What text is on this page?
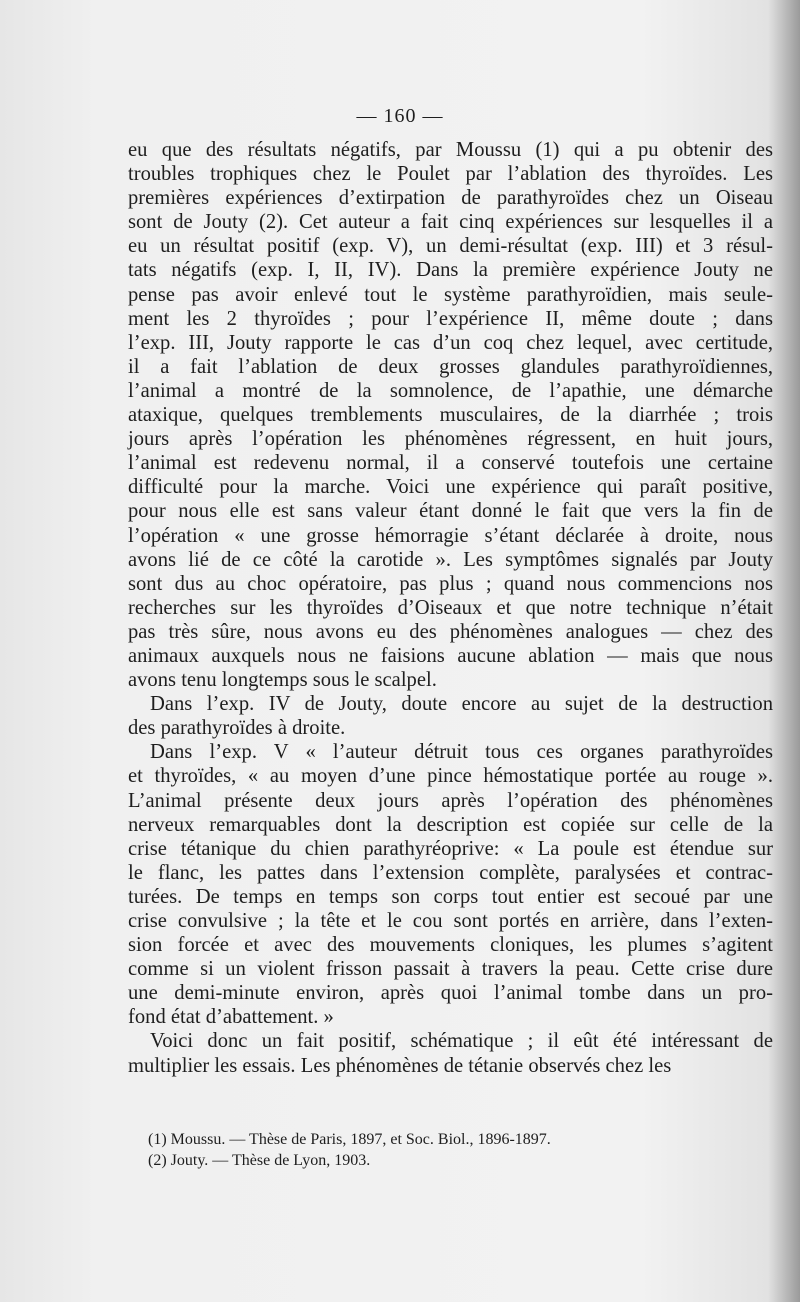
— 160 —

eu que des résultats négatifs, par Moussu (1) qui a pu obtenir des

troubles trophiques chez le Poulet par l’ablation des thyroïdes. Les

premières expériences d’extirpation de parathyroïdes chez un Oiseau

sont de Jouty (2). Cet auteur a fait cinq expériences sur lesquelles il a

eu un résultat positif (exp. V), un demi-résultat (exp. III) et 3 résul-

tats négatifs (exp. I, II, IV). Dans la première expérience Jouty ne

pense pas avoir enlevé tout le système parathyroïdien, mais seule-

ment les 2 thyroïdes ; pour l’expérience II, même doute ; dans

l’exp. III, Jouty rapporte le cas d’un coq chez lequel, avec certitude,

il a fait l’ablation de deux grosses glandules parathyroïdiennes,

l’animal a montré de la somnolence, de l’apathie, une démarche

ataxique, quelques tremblements musculaires, de la diarrhée ; trois

jours après l’opération les phénomènes régressent, en huit jours,

l’animal est redevenu normal, il a conservé toutefois une certaine

difficulté pour la marche. Voici une expérience qui paraît positive,

pour nous elle est sans valeur étant donné le fait que vers la fin de

l’opération « une grosse hémorragie s’étant déclarée à droite, nous

avons lié de ce côté la carotide ». Les symptômes signalés par Jouty

sont dus au choc opératoire, pas plus ; quand nous commencions nos

recherches sur les thyroïdes d’Oiseaux et que notre technique n’était

pas très sûre, nous avons eu des phénomènes analogues — chez des

animaux auxquels nous ne faisions aucune ablation — mais que nous

avons tenu longtemps sous le scalpel.

Dans l’exp. IV de Jouty, doute encore au sujet de la destruction

des parathyroïdes à droite.

Dans l’exp. V « l’auteur détruit tous ces organes parathyroïdes

et thyroïdes, « au moyen d’une pince hémostatique portée au rouge ».

L’animal présente deux jours après l’opération des phénomènes

nerveux remarquables dont la description est copiée sur celle de la

crise tétanique du chien parathyréoprive: « La poule est étendue sur

le flanc, les pattes dans l’extension complète, paralysées et contrac-

turées. De temps en temps son corps tout entier est secoué par une

crise convulsive ; la tête et le cou sont portés en arrière, dans l’exten-

sion forcée et avec des mouvements cloniques, les plumes s’agitent

comme si un violent frisson passait à travers la peau. Cette crise dure

une demi-minute environ, après quoi l’animal tombe dans un pro-

fond état d’abattement. »

Voici donc un fait positif, schématique ; il eût été intéressant de

multiplier les essais. Les phénomènes de tétanie observés chez les

(1) Moussu. — Thèse de Paris, 1897, et Soc. Biol., 1896-1897.

(2) Jouty. — Thèse de Lyon, 1903.
